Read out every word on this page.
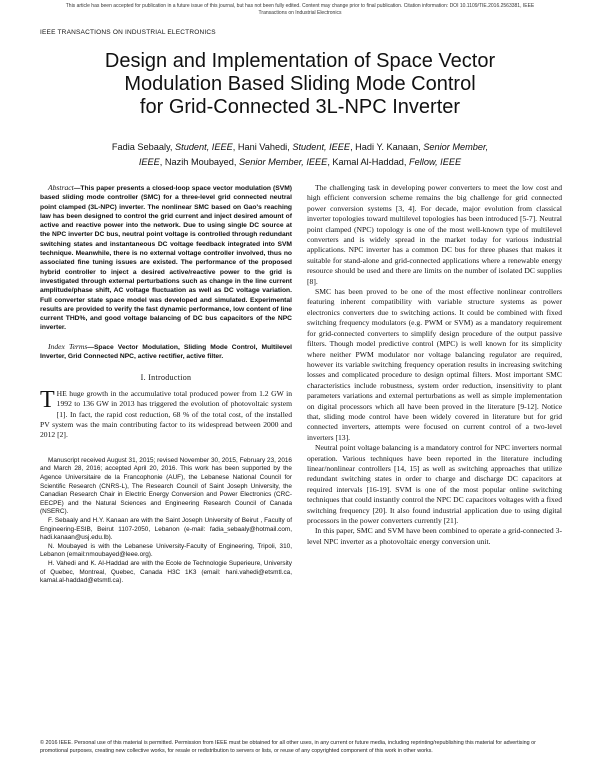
This article has been accepted for publication in a future issue of this journal, but has not been fully edited. Content may change prior to final publication. Citation information: DOI 10.1109/TIE.2016.2563381, IEEE
Transactions on Industrial Electronics
IEEE TRANSACTIONS ON INDUSTRIAL ELECTRONICS
Design and Implementation of Space Vector
Modulation Based Sliding Mode Control
for Grid-Connected 3L-NPC Inverter
Fadia Sebaaly, Student, IEEE, Hani Vahedi, Student, IEEE, Hadi Y. Kanaan, Senior Member,
IEEE, Nazih Moubayed, Senior Member, IEEE, Kamal Al-Haddad, Fellow, IEEE

Abstract—This paper presents a closed-loop space vector modulation (SVM) based sliding mode controller (SMC) for a three-level grid connected neutral point clamped (3L-NPC) inverter. The nonlinear SMC based on Gao's reaching law has been designed to control the grid current and inject desired amount of active and reactive power into the network. Due to using single DC source at the NPC inverter DC bus, neutral point voltage is controlled through redundant switching states and instantaneous DC voltage feedback integrated into SVM technique. Meanwhile, there is no external voltage controller involved, thus no associated fine tuning issues are existed. The performance of the proposed hybrid controller to inject a desired active/reactive power to the grid is investigated through external perturbations such as change in the line current amplitude/phase shift, AC voltage fluctuation as well as DC voltage variation. Full converter state space model was developed and simulated. Experimental results are provided to verify the fast dynamic performance, low content of line current THD%, and good voltage balancing of DC bus capacitors of the NPC inverter.

Index Terms—Space Vector Modulation, Sliding Mode Control, Multilevel Inverter, Grid Connected NPC, active rectifier, active filter.

I. Introduction

THE huge growth in the accumulative total produced power from 1.2 GW in 1992 to 136 GW in 2013 has triggered the evolution of photovoltaic system [1]. In fact, the rapid cost reduction, 68 % of the total cost, of the installed PV system was the main contributing factor to its widespread between 2000 and 2012 [2].

Manuscript received August 31, 2015; revised November 30, 2015, February 23, 2016 and March 28, 2016; accepted April 20, 2016. This work has been supported by the Agence Universitaire de la Francophonie (AUF), the Lebanese National Council for Scientific Research (CNRS-L), The Research Council of Saint Joseph University, the Canadian Research Chair in Electric Energy Conversion and Power Electronics (CRC-EECPE) and the Natural Sciences and Engineering Research Council of Canada (NSERC).

F. Sebaaly and H.Y. Kanaan are with the Saint Joseph University of Beirut , Faculty of Engineering-ESIB, Beirut 1107-2050, Lebanon (e-mail: fadia_sebaaly@hotmail.com, hadi.kanaan@usj.edu.lb).

N. Moubayed is with the Lebanese University-Faculty of Engineering, Tripoli, 310, Lebanon (email:nmoubayed@leee.org).

H. Vahedi and K. Al-Haddad are with the Ecole de Technologie Superieure, University of Quebec, Montreal, Quebec, Canada H3C 1K3 (email: hani.vahedi@etsmtl.ca, kamal.al-haddad@etsmtl.ca).

The challenging task in developing power converters to meet the low cost and high efficient conversion scheme remains the big challenge for grid connected power conversion systems [3, 4]. For decade, major evolution from classical inverter topologies toward multilevel topologies has been introduced [5-7]. Neutral point clamped (NPC) topology is one of the most well-known type of multilevel converters and is widely spread in the market today for various industrial applications. NPC inverter has a common DC bus for three phases that makes it suitable for stand-alone and grid-connected applications where a renewable energy resource should be used and there are limits on the number of isolated DC supplies [8].

SMC has been proved to be one of the most effective nonlinear controllers featuring inherent compatibility with variable structure systems as power electronics converters due to switching actions. It could be combined with fixed switching frequency modulators (e.g. PWM or SVM) as a mandatory requirement for grid-connected converters to simplify design procedure of the output passive filters. Though model predictive control (MPC) is well known for its simplicity where neither PWM modulator nor voltage balancing regulator are required, however its variable switching frequency operation results in increasing switching losses and complicated procedure to design optimal filters. Most important SMC characteristics include robustness, system order reduction, insensitivity to plant parameters variations and external perturbations as well as simple implementation on digital processors which all have been proved in the literature [9-12]. Notice that, sliding mode control have been widely covered in literature but for grid connected inverters, attempts were focused on current control of a two-level inverters [13].

Neutral point voltage balancing is a mandatory control for NPC inverters normal operation. Various techniques have been reported in the literature including linear/nonlinear controllers [14, 15] as well as switching approaches that utilize redundant switching states in order to charge and discharge DC capacitors at required intervals [16-19]. SVM is one of the most popular online switching techniques that could instantly control the NPC DC capacitors voltages with a fixed switching frequency [20]. It also found industrial application due to using digital processors in the power converters currently [21].

In this paper, SMC and SVM have been combined to operate a grid-connected 3-level NPC inverter as a photovoltaic energy conversion unit.

© 2016 IEEE. Personal use of this material is permitted. Permission from IEEE must be obtained for all other uses, in any current or future media, including reprinting/republishing this material for advertising or promotional purposes, creating new collective works, for resale or redistribution to servers or lists, or reuse of any copyrighted component of this work in other works.
